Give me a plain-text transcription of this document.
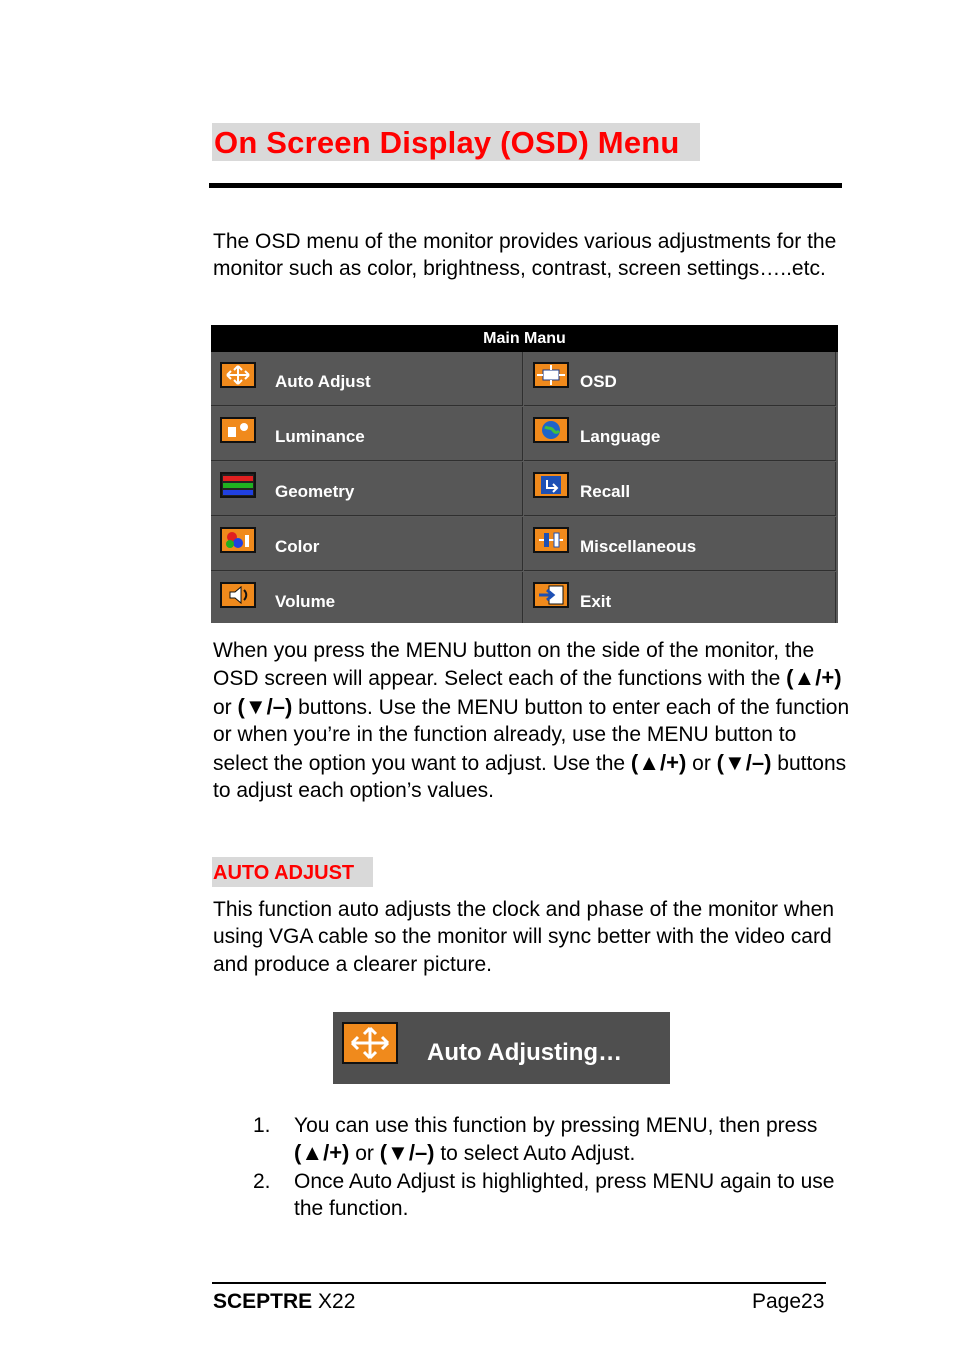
On Screen Display (OSD) Menu

The OSD menu of the monitor provides various adjustments for the monitor such as color, brightness, contrast, screen settings…..etc.

Main Manu
Auto Adjust	OSD
Luminance	Language
Geometry	Recall
Color	Miscellaneous
Volume	Exit

When you press the MENU button on the side of the monitor, the OSD screen will appear. Select each of the functions with the (▲/+) or (▼/–) buttons. Use the MENU button to enter each of the function or when you’re in the function already, use the MENU button to select the option you want to adjust. Use the (▲/+) or (▼/–) buttons to adjust each option’s values.

AUTO ADJUST

This function auto adjusts the clock and phase of the monitor when using VGA cable so the monitor will sync better with the video card and produce a clearer picture.

Auto Adjusting…
1. You can use this function by pressing MENU, then press (▲/+) or (▼/–) to select Auto Adjust.
2. Once Auto Adjust is highlighted, press MENU again to use the function.
SCEPTRE X22	Page23
